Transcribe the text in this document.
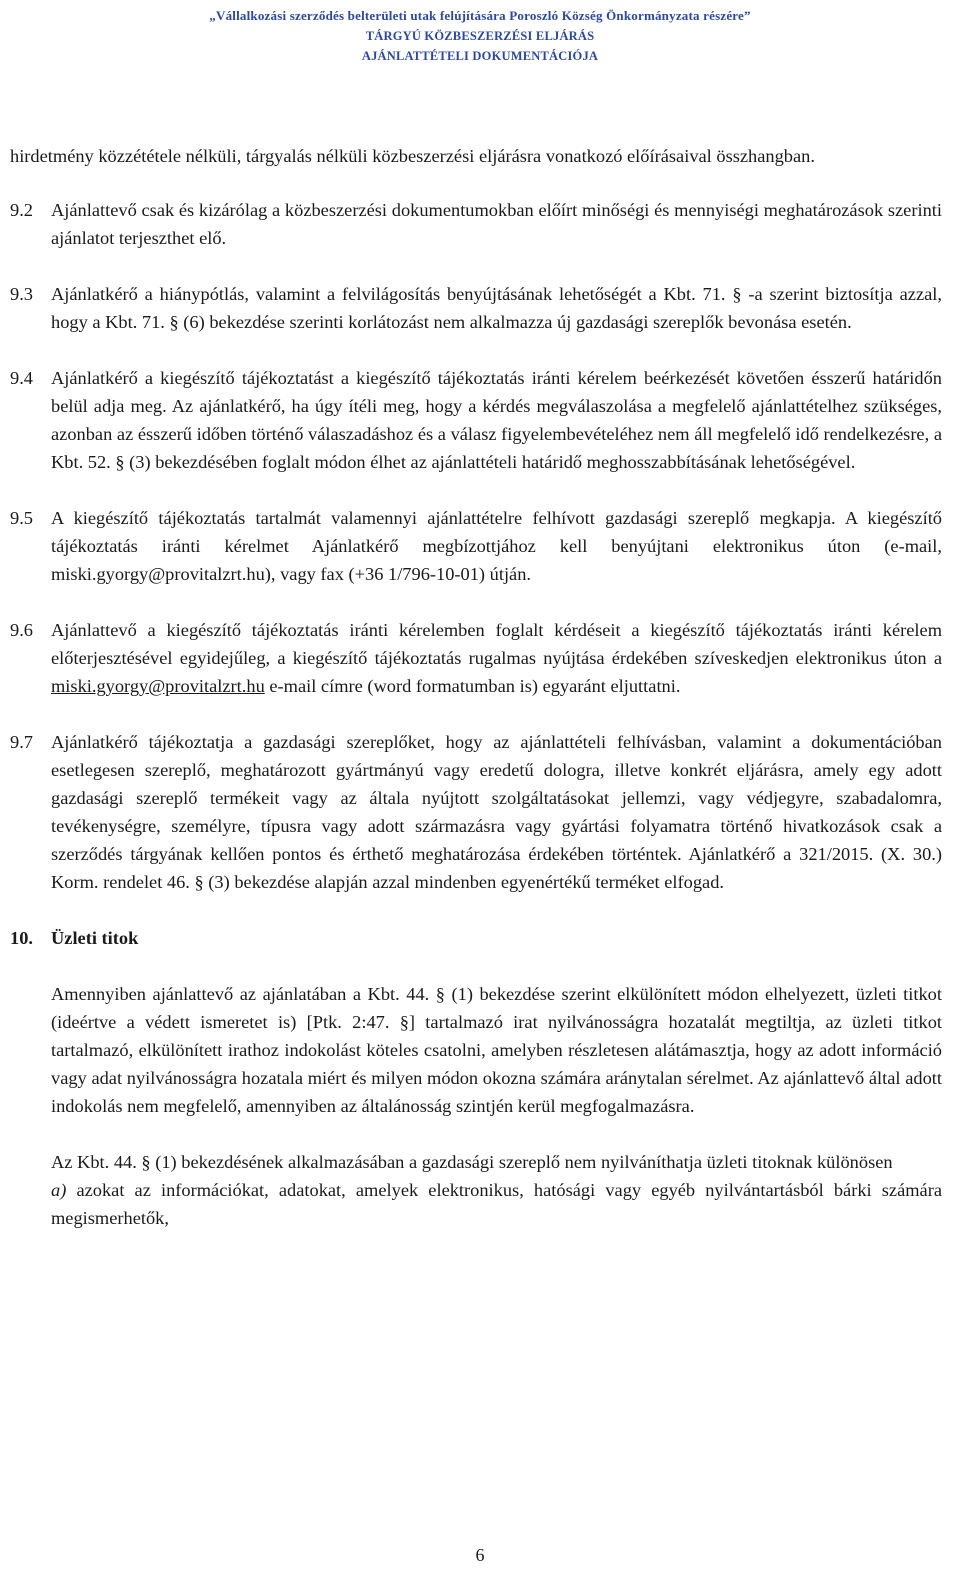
„Vállalkozási szerződés belterületi utak felújítására Poroszló Község Önkormányzata részére”
TÁRGYÚ KÖZBESZERZÉSI ELJÁRÁS
AJÁNLATTÉTELI DOKUMENTÁCIÓJA
hirdetmény közzététele nélküli, tárgyalás nélküli közbeszerzési eljárásra vonatkozó előírásaival összhangban.
9.2 Ajánlattevő csak és kizárólag a közbeszerzési dokumentumokban előírt minőségi és mennyiségi meghatározások szerinti ajánlatot terjeszthet elő.
9.3 Ajánlatkérő a hiánypótlás, valamint a felvilágosítás benyújtásának lehetőségét a Kbt. 71. § -a szerint biztosítja azzal, hogy a Kbt. 71. § (6) bekezdése szerinti korlátozást nem alkalmazza új gazdasági szereplők bevonása esetén.
9.4 Ajánlatkérő a kiegészítő tájékoztatást a kiegészítő tájékoztatás iránti kérelem beérkezését követően ésszerű határidőn belül adja meg. Az ajánlatkérő, ha úgy ítéli meg, hogy a kérdés megválaszolása a megfelelő ajánlattételhez szükséges, azonban az ésszerű időben történő válaszadáshoz és a válasz figyelembevételéhez nem áll megfelelő idő rendelkezésre, a Kbt. 52. § (3) bekezdésében foglalt módon élhet az ajánlattételi határidő meghosszabbításának lehetőségével.
9.5 A kiegészítő tájékoztatás tartalmát valamennyi ajánlattételre felhívott gazdasági szereplő megkapja. A kiegészítő tájékoztatás iránti kérelmet Ajánlatkérő megbízottjához kell benyújtani elektronikus úton (e-mail, miski.gyorgy@provitalzrt.hu), vagy fax (+36 1/796-10-01) útján.
9.6 Ajánlattevő a kiegészítő tájékoztatás iránti kérelemben foglalt kérdéseit a kiegészítő tájékoztatás iránti kérelem előterjesztésével egyidejűleg, a kiegészítő tájékoztatás rugalmas nyújtása érdekében szíveskedjen elektronikus úton a miski.gyorgy@provitalzrt.hu e-mail címre (word formatumban is) egyaránt eljuttatni.
9.7 Ajánlatkérő tájékoztatja a gazdasági szereplőket, hogy az ajánlattételi felhívásban, valamint a dokumentációban esetlegesen szereplő, meghatározott gyártmányú vagy eredetű dologra, illetve konkrét eljárásra, amely egy adott gazdasági szereplő termékeit vagy az általa nyújtott szolgáltatásokat jellemzi, vagy védjegyre, szabadalomra, tevékenységre, személyre, típusra vagy adott származásra vagy gyártási folyamatra történő hivatkozások csak a szerződés tárgyának kellően pontos és érthető meghatározása érdekében történtek. Ajánlatkérő a 321/2015. (X. 30.) Korm. rendelet 46. § (3) bekezdése alapján azzal mindenben egyenértékű terméket elfogad.
10. Üzleti titok
Amennyiben ajánlattevő az ajánlatában a Kbt. 44. § (1) bekezdése szerint elkülönített módon elhelyezett, üzleti titkot (ideértve a védett ismeretet is) [Ptk. 2:47. §] tartalmazó irat nyilvánosságra hozatalát megtiltja, az üzleti titkot tartalmazó, elkülönített irathoz indokolást köteles csatolni, amelyben részletesen alátámasztja, hogy az adott információ vagy adat nyilvánosságra hozatala miért és milyen módon okozna számára aránytalan sérelmet. Az ajánlattevő által adott indokolás nem megfelelő, amennyiben az általánosság szintjén kerül megfogalmazásra.
Az Kbt. 44. § (1) bekezdésének alkalmazásában a gazdasági szereplő nem nyilváníthatja üzleti titoknak különösen
a) azokat az információkat, adatokat, amelyek elektronikus, hatósági vagy egyéb nyilvántartásból bárki számára megismerhetők,
6
